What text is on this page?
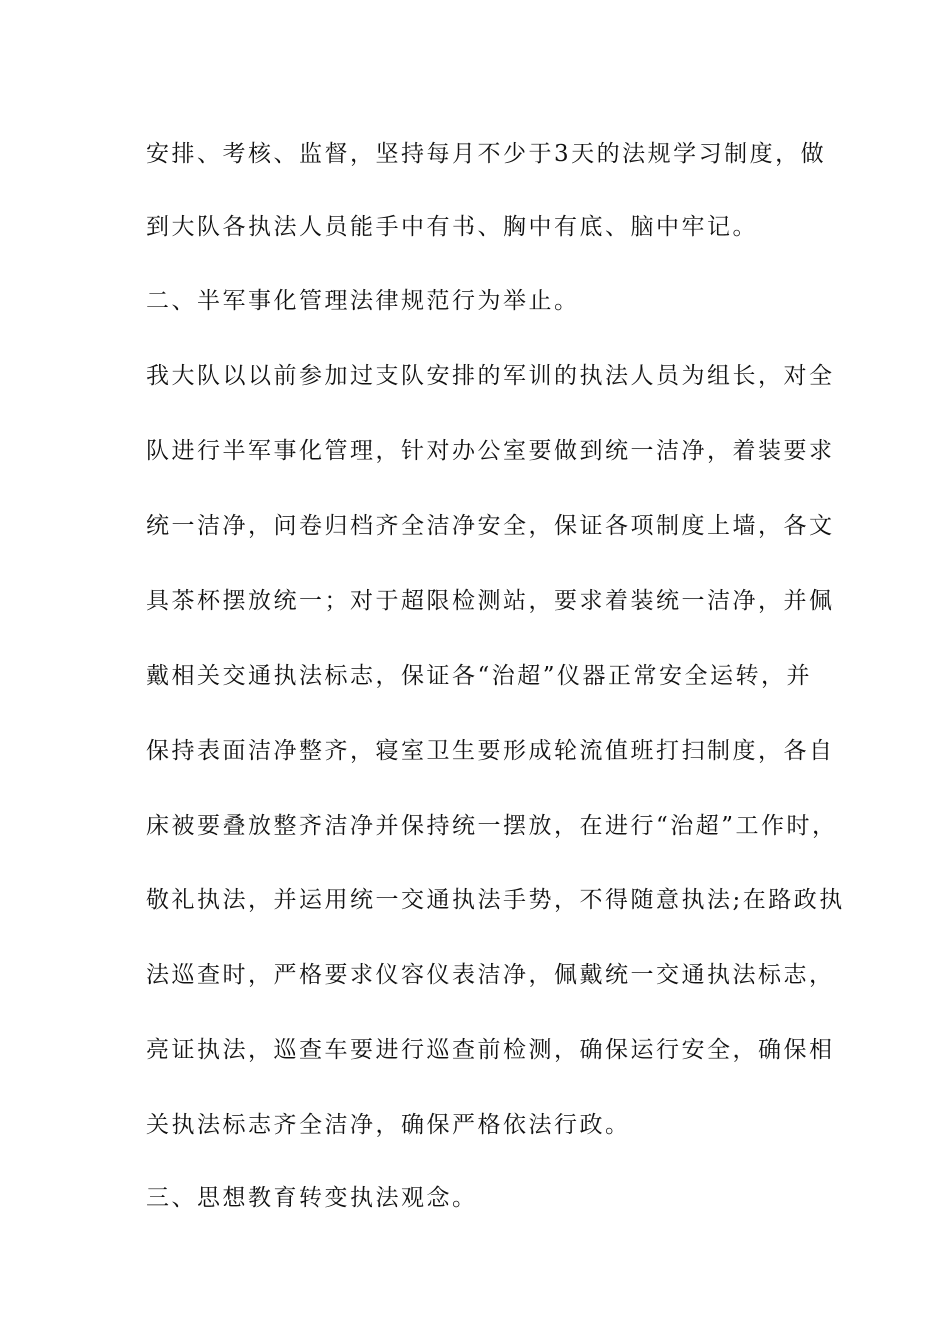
安排、考核、监督，坚持每月不少于3天的法规学习制度，做
到大队各执法人员能手中有书、胸中有底、脑中牢记。
二、半军事化管理法律规范行为举止。
我大队以以前参加过支队安排的军训的执法人员为组长，对全
队进行半军事化管理，针对办公室要做到统一洁净，着装要求
统一洁净，问卷归档齐全洁净安全，保证各项制度上墙，各文
具茶杯摆放统一；对于超限检测站，要求着装统一洁净，并佩
戴相关交通执法标志，保证各“治超”仪器正常安全运转，并
保持表面洁净整齐，寝室卫生要形成轮流值班打扫制度，各自
床被要叠放整齐洁净并保持统一摆放，在进行“治超”工作时，
敬礼执法，并运用统一交通执法手势，不得随意执法;在路政执
法巡查时，严格要求仪容仪表洁净，佩戴统一交通执法标志，
亮证执法，巡查车要进行巡查前检测，确保运行安全，确保相
关执法标志齐全洁净，确保严格依法行政。
三、思想教育转变执法观念。
